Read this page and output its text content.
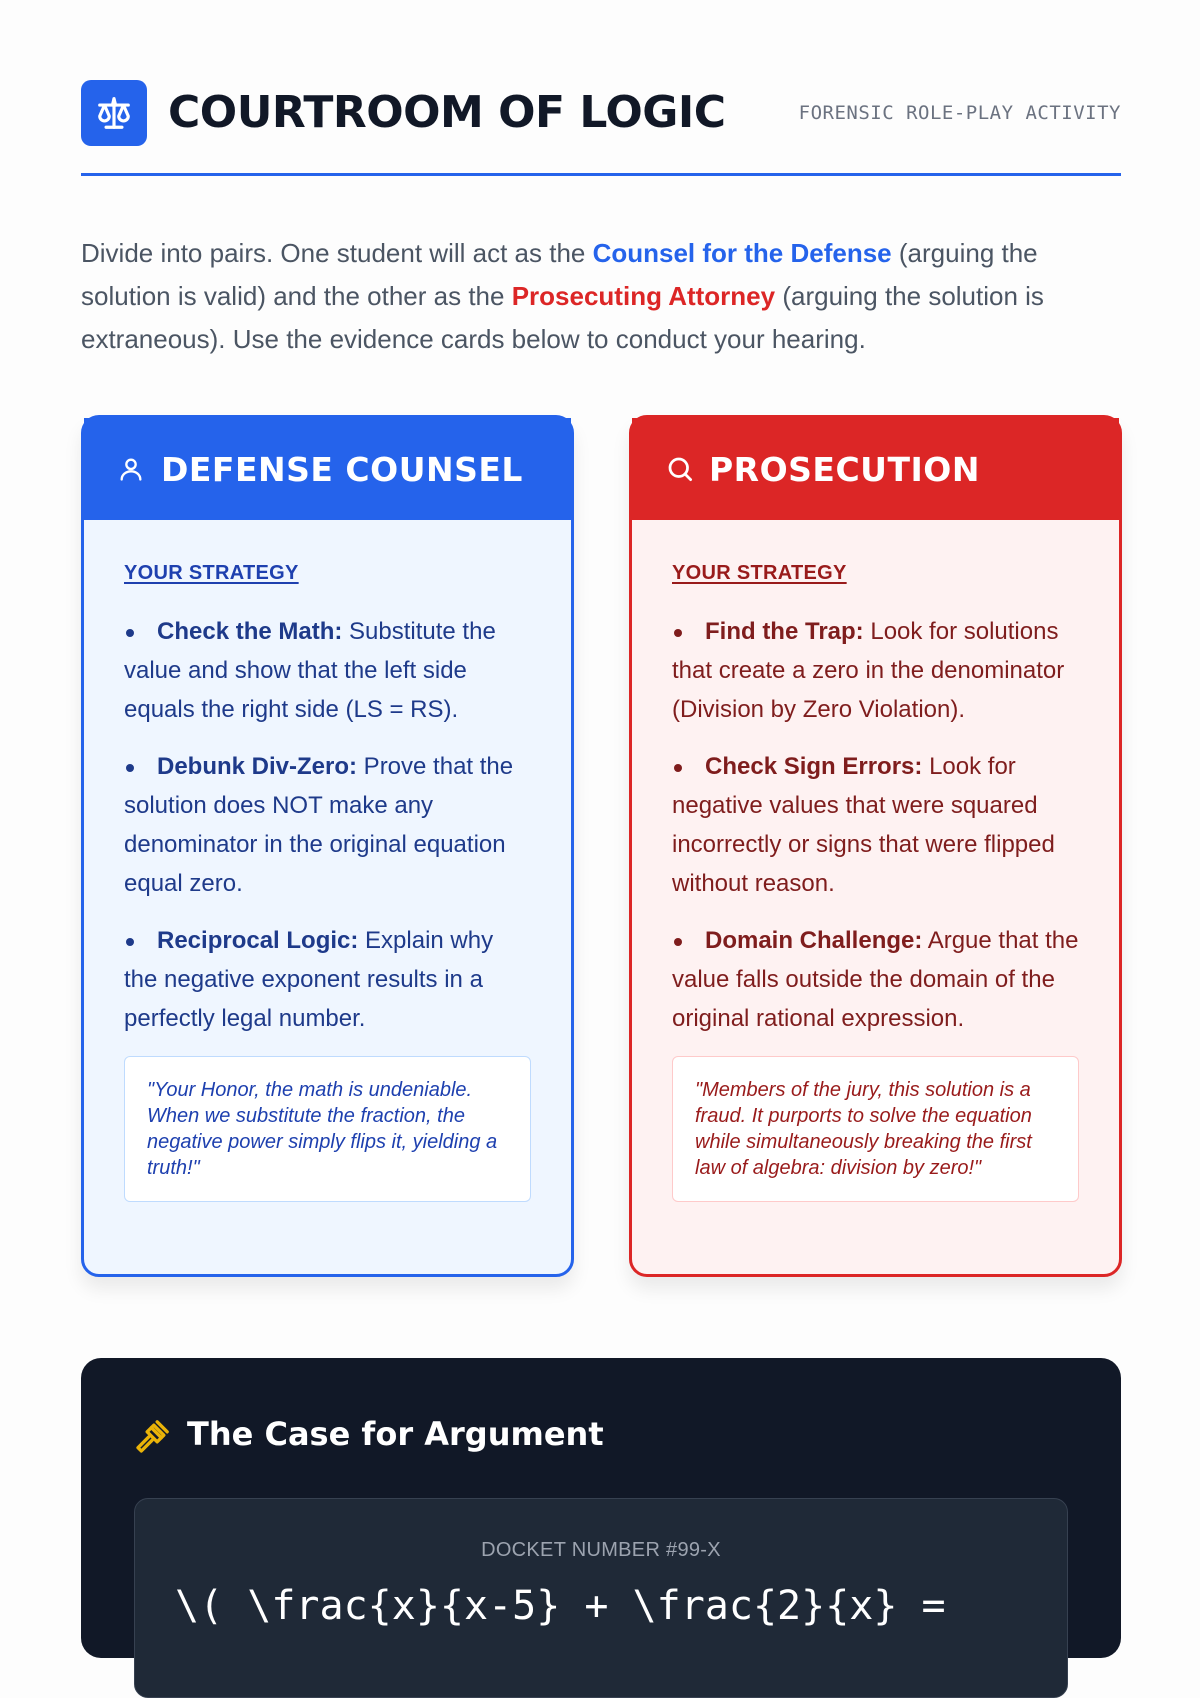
COURTROOM OF LOGIC	FORENSIC ROLE-PLAY ACTIVITY

Divide into pairs. One student will act as the Counsel for the Defense (arguing the solution is valid) and the other as the Prosecuting Attorney (arguing the solution is extraneous). Use the evidence cards below to conduct your hearing.

DEFENSE COUNSEL
YOUR STRATEGY
Check the Math: Substitute the value and show that the left side equals the right side (LS = RS).
Debunk Div-Zero: Prove that the solution does NOT make any denominator in the original equation equal zero.
Reciprocal Logic: Explain why the negative exponent results in a perfectly legal number.
"Your Honor, the math is undeniable. When we substitute the fraction, the negative power simply flips it, yielding a truth!"
PROSECUTION
YOUR STRATEGY
Find the Trap: Look for solutions that create a zero in the denominator (Division by Zero Violation).
Check Sign Errors: Look for negative values that were squared incorrectly or signs that were flipped without reason.
Domain Challenge: Argue that the value falls outside the domain of the original rational expression.
"Members of the jury, this solution is a fraud. It purports to solve the equation while simultaneously breaking the first law of algebra: division by zero!"
The Case for Argument
DOCKET NUMBER #99-X
\( \frac{x}{x-5} + \frac{2}{x} =
